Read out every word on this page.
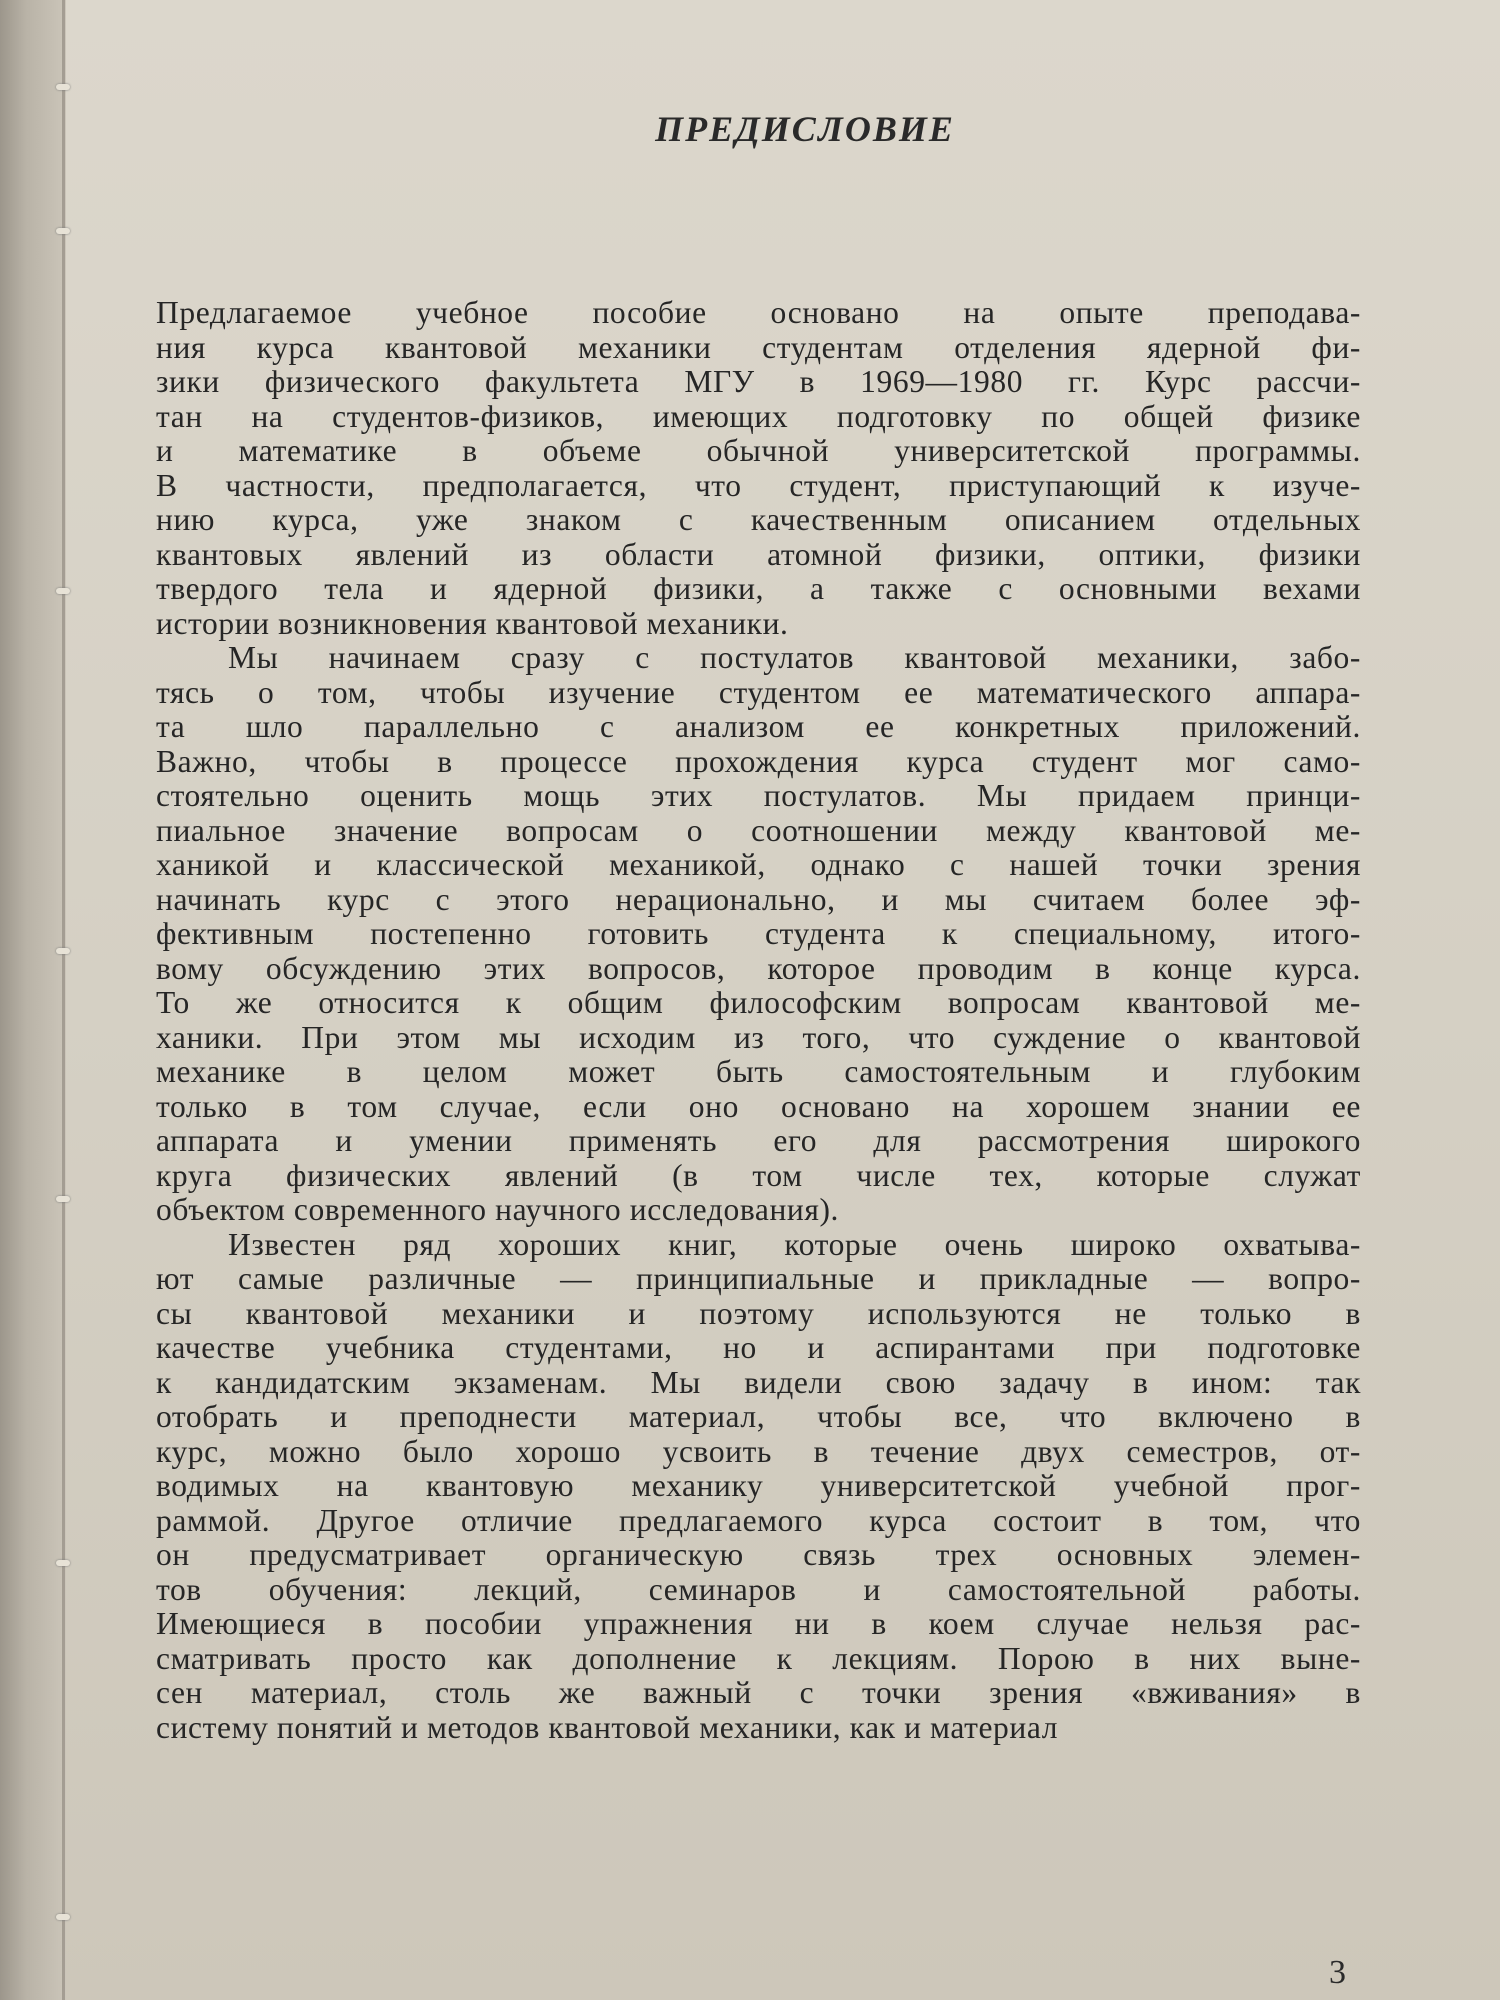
ПРЕДИСЛОВИЕ

Предлагаемое учебное пособие основано на опыте преподава-
ния курса квантовой механики студентам отделения ядерной фи-
зики физического факультета МГУ в 1969—1980 гг. Курс рассчи-
тан на студентов-физиков, имеющих подготовку по общей физике
и математике в объеме обычной университетской программы.
В частности, предполагается, что студент, приступающий к изуче-
нию курса, уже знаком с качественным описанием отдельных
квантовых явлений из области атомной физики, оптики, физики
твердого тела и ядерной физики, а также с основными вехами
истории возникновения квантовой механики.

Мы начинаем сразу с постулатов квантовой механики, забо-
тясь о том, чтобы изучение студентом ее математического аппара-
та шло параллельно с анализом ее конкретных приложений.
Важно, чтобы в процессе прохождения курса студент мог само-
стоятельно оценить мощь этих постулатов. Мы придаем принци-
пиальное значение вопросам о соотношении между квантовой ме-
ханикой и классической механикой, однако с нашей точки зрения
начинать курс с этого нерационально, и мы считаем более эф-
фективным постепенно готовить студента к специальному, итого-
вому обсуждению этих вопросов, которое проводим в конце курса.
То же относится к общим философским вопросам квантовой ме-
ханики. При этом мы исходим из того, что суждение о квантовой
механике в целом может быть самостоятельным и глубоким
только в том случае, если оно основано на хорошем знании ее
аппарата и умении применять его для рассмотрения широкого
круга физических явлений (в том числе тех, которые служат
объектом современного научного исследования).

Известен ряд хороших книг, которые очень широко охватыва-
ют самые различные — принципиальные и прикладные — вопро-
сы квантовой механики и поэтому используются не только в
качестве учебника студентами, но и аспирантами при подготовке
к кандидатским экзаменам. Мы видели свою задачу в ином: так
отобрать и преподнести материал, чтобы все, что включено в
курс, можно было хорошо усвоить в течение двух семестров, от-
водимых на квантовую механику университетской учебной прог-
раммой. Другое отличие предлагаемого курса состоит в том, что
он предусматривает органическую связь трех основных элемен-
тов обучения: лекций, семинаров и самостоятельной работы.
Имеющиеся в пособии упражнения ни в коем случае нельзя рас-
сматривать просто как дополнение к лекциям. Порою в них выне-
сен материал, столь же важный с точки зрения «вживания» в
систему понятий и методов квантовой механики, как и материал

3
